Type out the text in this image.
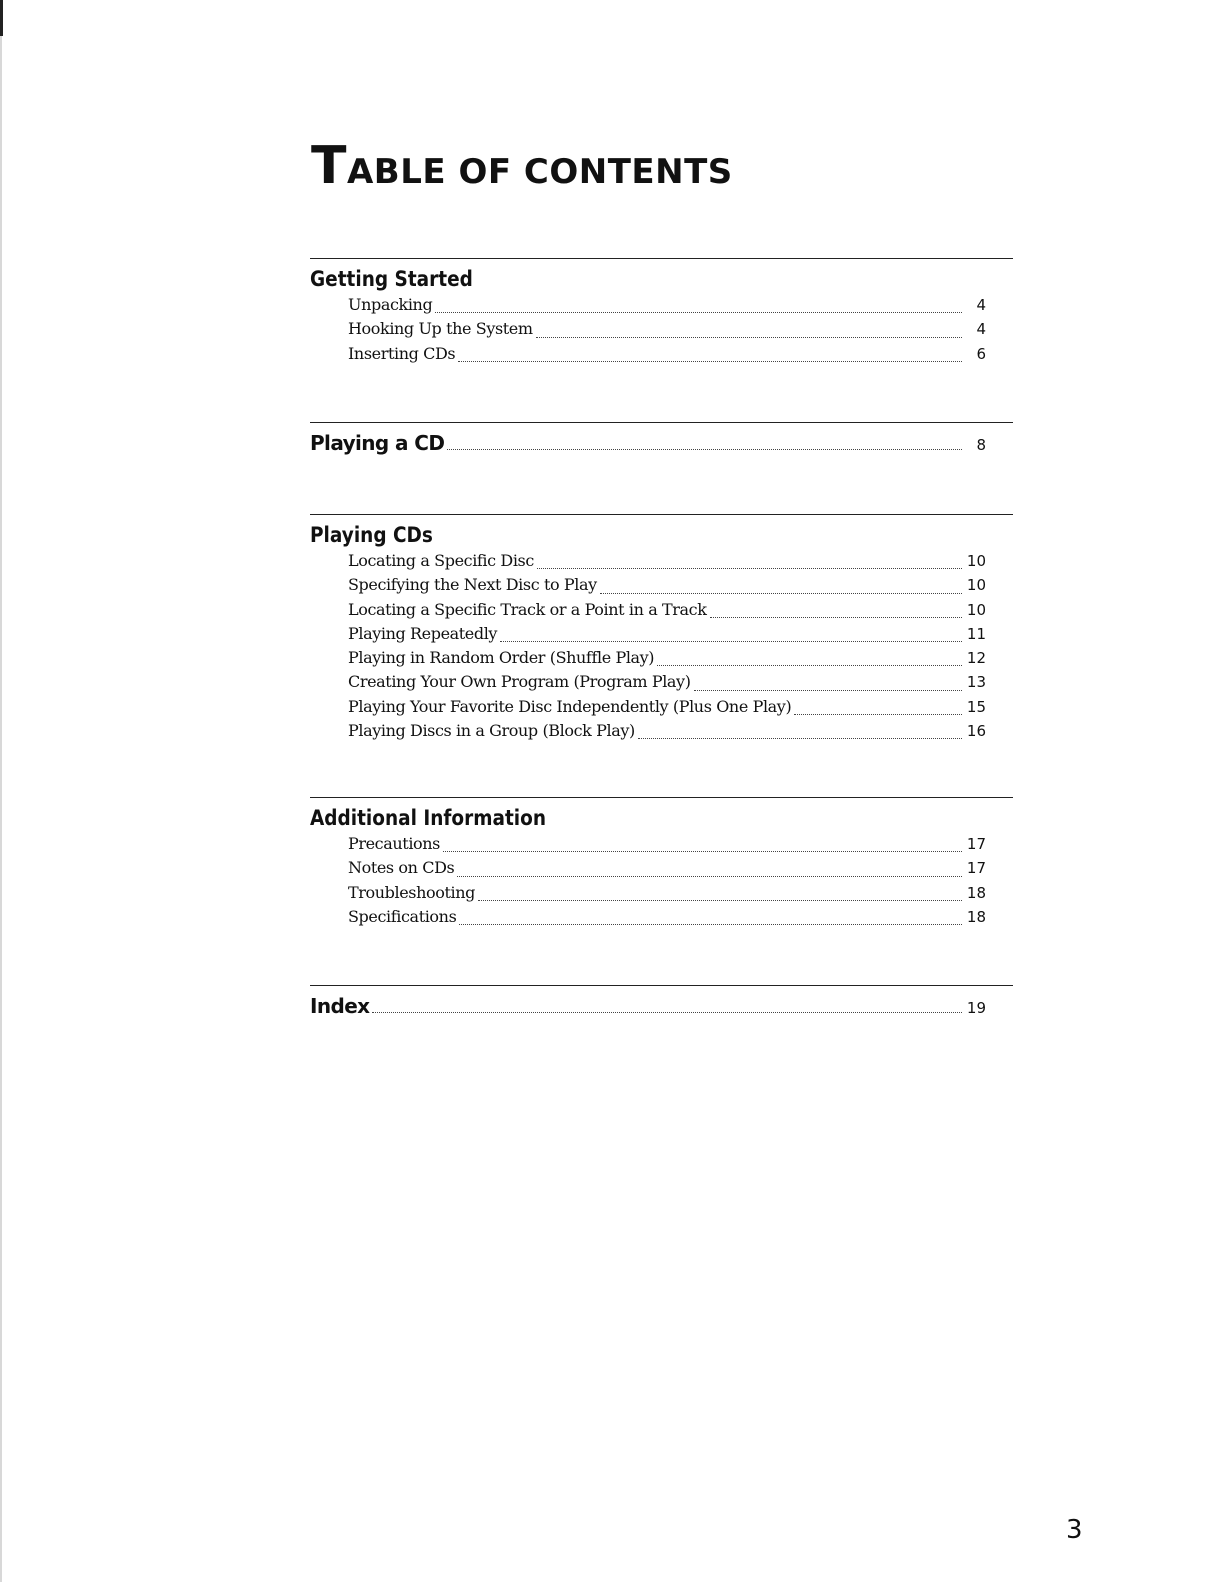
TABLE OF CONTENTS
Getting Started
Unpacking	4
Hooking Up the System	4
Inserting CDs	6
Playing a CD	8
Playing CDs
Locating a Specific Disc	10
Specifying the Next Disc to Play	10
Locating a Specific Track or a Point in a Track	10
Playing Repeatedly	11
Playing in Random Order (Shuffle Play)	12
Creating Your Own Program (Program Play)	13
Playing Your Favorite Disc Independently (Plus One Play)	15
Playing Discs in a Group (Block Play)	16
Additional Information
Precautions	17
Notes on CDs	17
Troubleshooting	18
Specifications	18
Index	19
3
